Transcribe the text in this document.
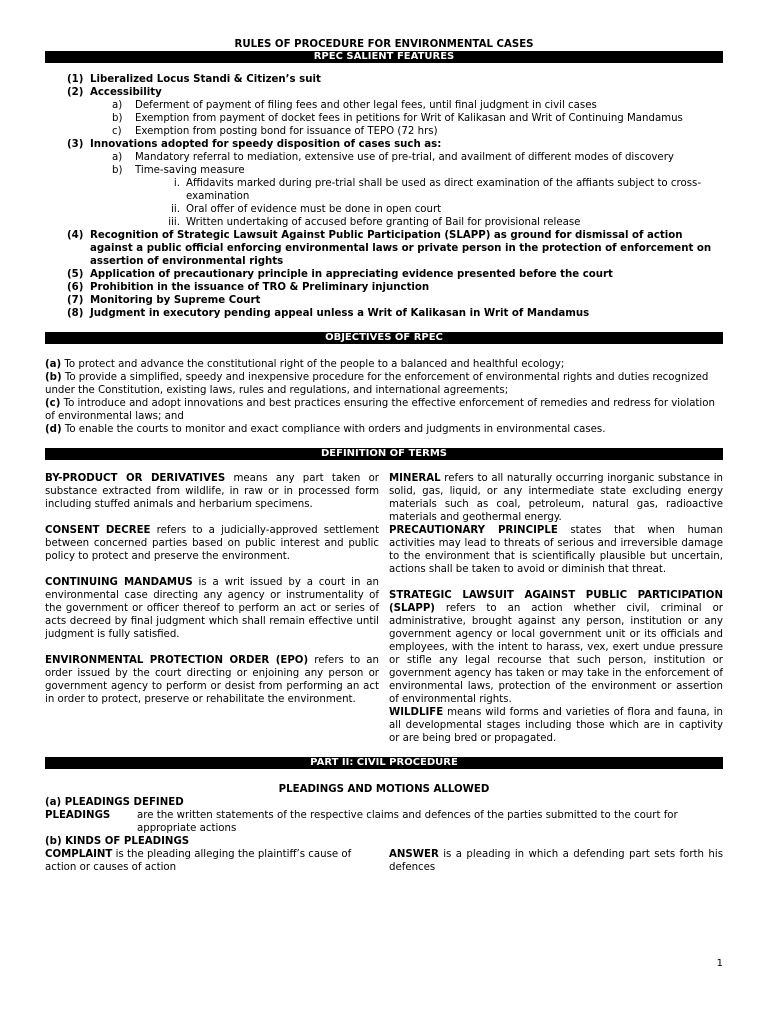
RULES OF PROCEDURE FOR ENVIRONMENTAL CASES
RPEC SALIENT FEATURES
(1) Liberalized Locus Standi & Citizen’s suit
(2) Accessibility
a)	Deferment of payment of filing fees and other legal fees, until final judgment in civil cases
b)	Exemption from payment of docket fees in petitions for Writ of Kalikasan and Writ of Continuing Mandamus
c)	Exemption from posting bond for issuance of TEPO (72 hrs)
(3) Innovations adopted for speedy disposition of cases such as:
a)	Mandatory referral to mediation, extensive use of pre-trial, and availment of different modes of discovery
b)	Time-saving measure
i. Affidavits marked during pre-trial shall be used as direct examination of the affiants subject to cross-examination
ii. Oral offer of evidence must be done in open court
iii. Written undertaking of accused before granting of Bail for provisional release
(4) Recognition of Strategic Lawsuit Against Public Participation (SLAPP) as ground for dismissal of action against a public official enforcing environmental laws or private person in the protection of enforcement on assertion of environmental rights
(5) Application of precautionary principle in appreciating evidence presented before the court
(6) Prohibition in the issuance of TRO & Preliminary injunction
(7) Monitoring by Supreme Court
(8) Judgment in executory pending appeal unless a Writ of Kalikasan in Writ of Mandamus
OBJECTIVES OF RPEC
(a) To protect and advance the constitutional right of the people to a balanced and healthful ecology;
(b) To provide a simplified, speedy and inexpensive procedure for the enforcement of environmental rights and duties recognized under the Constitution, existing laws, rules and regulations, and international agreements;
(c) To introduce and adopt innovations and best practices ensuring the effective enforcement of remedies and redress for violation of environmental laws; and
(d) To enable the courts to monitor and exact compliance with orders and judgments in environmental cases.
DEFINITION OF TERMS

BY-PRODUCT OR DERIVATIVES means any part taken or substance extracted from wildlife, in raw or in processed form including stuffed animals and herbarium specimens.

CONSENT DECREE refers to a judicially-approved settlement between concerned parties based on public interest and public policy to protect and preserve the environment.

CONTINUING MANDAMUS is a writ issued by a court in an environmental case directing any agency or instrumentality of the government or officer thereof to perform an act or series of acts decreed by final judgment which shall remain effective until judgment is fully satisfied.

ENVIRONMENTAL PROTECTION ORDER (EPO) refers to an order issued by the court directing or enjoining any person or government agency to perform or desist from performing an act in order to protect, preserve or rehabilitate the environment.

MINERAL refers to all naturally occurring inorganic substance in solid, gas, liquid, or any intermediate state excluding energy materials such as coal, petroleum, natural gas, radioactive materials and geothermal energy.

PRECAUTIONARY PRINCIPLE states that when human activities may lead to threats of serious and irreversible damage to the environment that is scientifically plausible but uncertain, actions shall be taken to avoid or diminish that threat.

STRATEGIC LAWSUIT AGAINST PUBLIC PARTICIPATION (SLAPP) refers to an action whether civil, criminal or administrative, brought against any person, institution or any government agency or local government unit or its officials and employees, with the intent to harass, vex, exert undue pressure or stifle any legal recourse that such person, institution or government agency has taken or may take in the enforcement of environmental laws, protection of the environment or assertion of environmental rights.

WILDLIFE means wild forms and varieties of flora and fauna, in all developmental stages including those which are in captivity or are being bred or propagated.

PART II: CIVIL PROCEDURE
PLEADINGS AND MOTIONS ALLOWED
(a) PLEADINGS DEFINED
PLEADINGS	are the written statements of the respective claims and defences of the parties submitted to the court for appropriate actions
(b) KINDS OF PLEADINGS
COMPLAINT is the pleading alleging the plaintiff’s cause of action or causes of action
ANSWER is a pleading in which a defending part sets forth his defences
1
